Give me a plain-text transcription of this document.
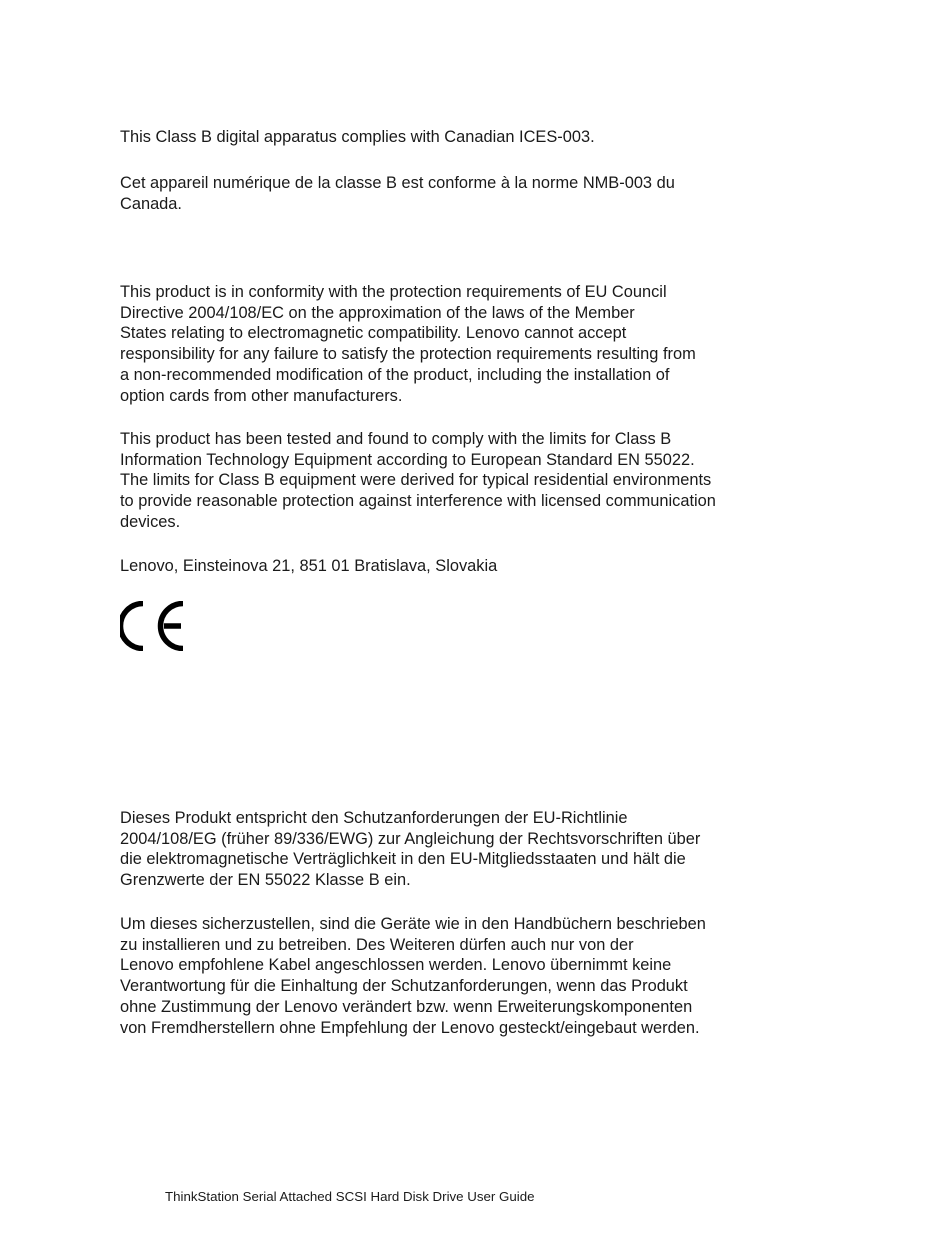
This Class B digital apparatus complies with Canadian ICES-003.

Cet appareil numérique de la classe B est conforme à la norme NMB-003 du
Canada.

This product is in conformity with the protection requirements of EU Council
Directive 2004/108/EC on the approximation of the laws of the Member
States relating to electromagnetic compatibility. Lenovo cannot accept
responsibility for any failure to satisfy the protection requirements resulting from
a non-recommended modification of the product, including the installation of
option cards from other manufacturers.

This product has been tested and found to comply with the limits for Class B
Information Technology Equipment according to European Standard EN 55022.
The limits for Class B equipment were derived for typical residential environments
to provide reasonable protection against interference with licensed communication
devices.

Lenovo, Einsteinova 21, 851 01 Bratislava, Slovakia

Dieses Produkt entspricht den Schutzanforderungen der EU-Richtlinie
2004/108/EG (früher 89/336/EWG) zur Angleichung der Rechtsvorschriften über
die elektromagnetische Verträglichkeit in den EU-Mitgliedsstaaten und hält die
Grenzwerte der EN 55022 Klasse B ein.

Um dieses sicherzustellen, sind die Geräte wie in den Handbüchern beschrieben
zu installieren und zu betreiben. Des Weiteren dürfen auch nur von der
Lenovo empfohlene Kabel angeschlossen werden. Lenovo übernimmt keine
Verantwortung für die Einhaltung der Schutzanforderungen, wenn das Produkt
ohne Zustimmung der Lenovo verändert bzw. wenn Erweiterungskomponenten
von Fremdherstellern ohne Empfehlung der Lenovo gesteckt/eingebaut werden.

ThinkStation Serial Attached SCSI Hard Disk Drive User Guide
